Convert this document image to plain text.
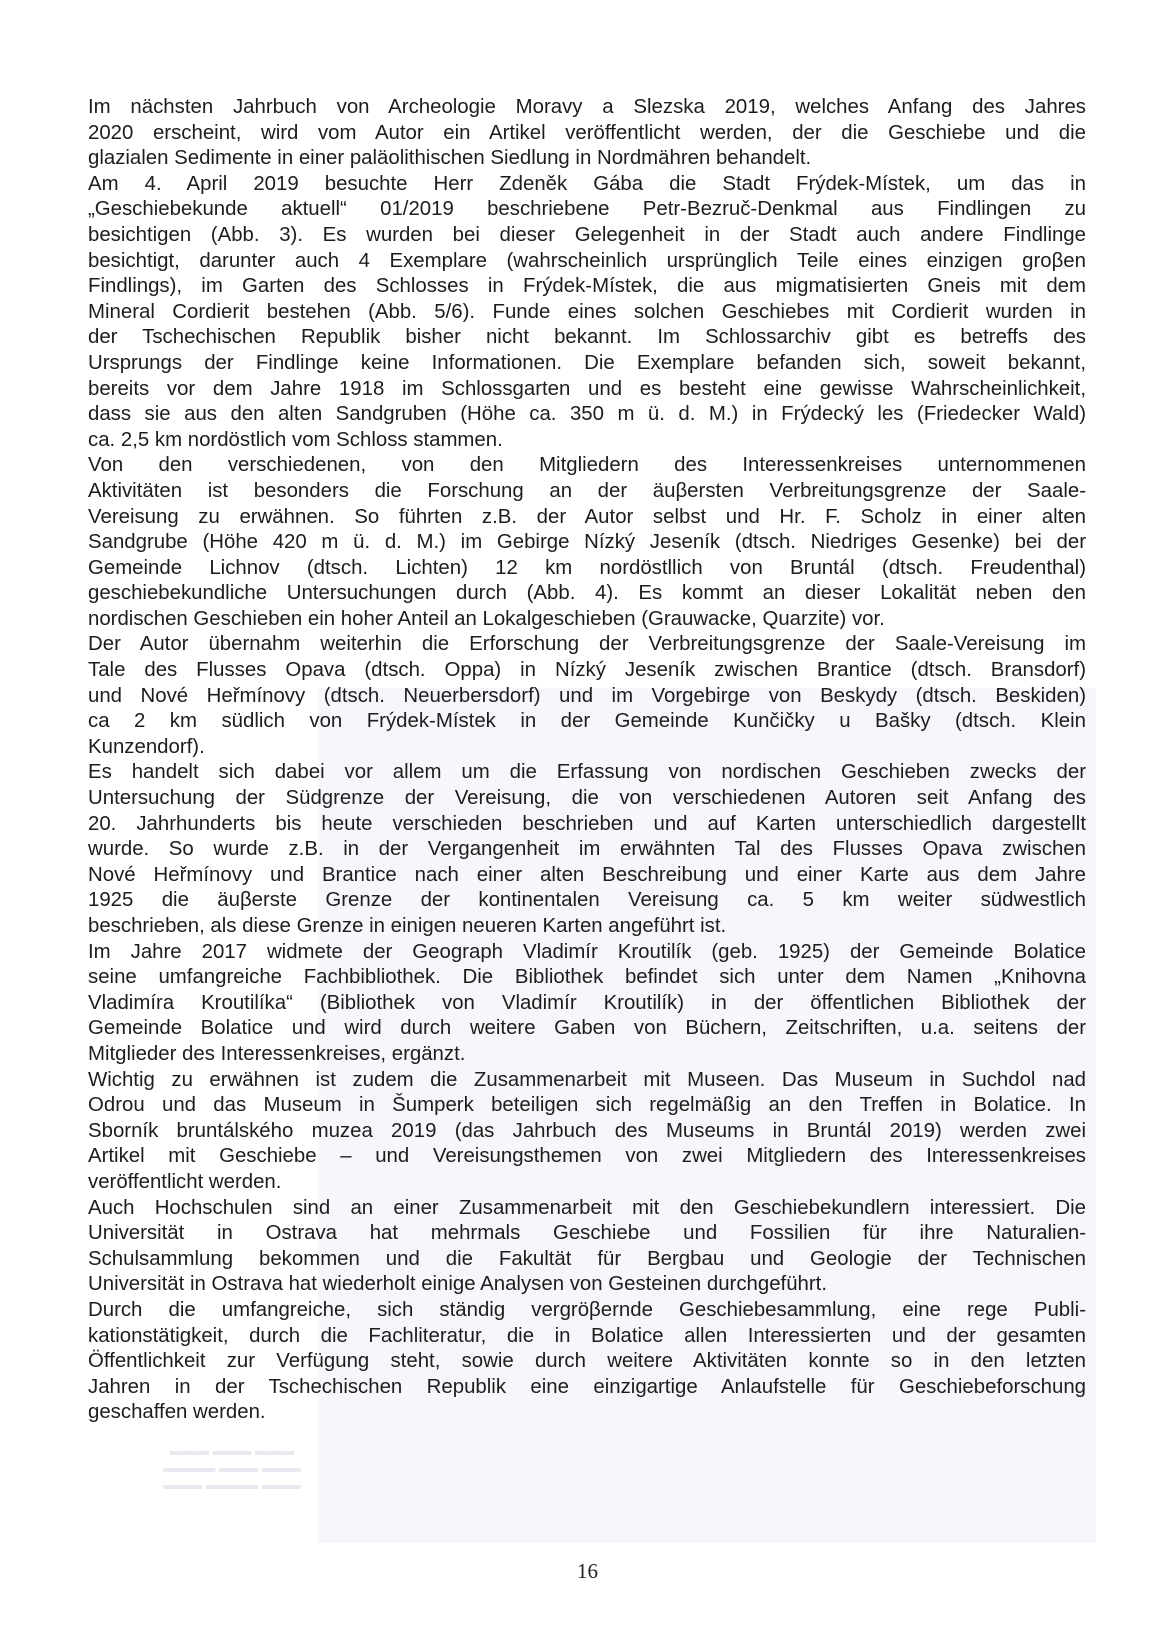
▬▬▬ ▬▬▬ ▬▬▬
▬▬▬▬ ▬▬▬ ▬▬▬
▬▬▬ ▬▬▬▬ ▬▬▬
Im nächsten Jahrbuch von Archeologie Moravy a Slezska 2019, welches Anfang des Jahres
2020 erscheint, wird vom Autor ein Artikel veröffentlicht werden, der die Geschiebe und die
glazialen Sedimente in einer paläolithischen Siedlung in Nordmähren behandelt.
Am 4. April 2019 besuchte Herr Zdeněk Gába die Stadt Frýdek-Místek, um das in
„Geschiebekunde aktuell“ 01/2019 beschriebene Petr-Bezruč-Denkmal aus Findlingen zu
besichtigen (Abb. 3). Es wurden bei dieser Gelegenheit in der Stadt auch andere Findlinge
besichtigt, darunter auch 4 Exemplare (wahrscheinlich ursprünglich Teile eines einzigen groβen
Findlings), im Garten des Schlosses in Frýdek-Místek, die aus migmatisierten Gneis mit dem
Mineral Cordierit bestehen (Abb. 5/6). Funde eines solchen Geschiebes mit Cordierit wurden in
der Tschechischen Republik bisher nicht bekannt. Im Schlossarchiv gibt es betreffs des
Ursprungs der Findlinge keine Informationen. Die Exemplare befanden sich, soweit bekannt,
bereits vor dem Jahre 1918 im Schlossgarten und es besteht eine gewisse Wahrscheinlichkeit,
dass sie aus den alten Sandgruben (Höhe ca. 350 m ü. d. M.) in Frýdecký les (Friedecker Wald)
ca. 2,5 km nordöstlich vom Schloss stammen.
Von den verschiedenen, von den Mitgliedern des Interessenkreises unternommenen
Aktivitäten ist besonders die Forschung an der äuβersten Verbreitungsgrenze der Saale-
Vereisung zu erwähnen. So führten z.B. der Autor selbst und Hr. F. Scholz in einer alten
Sandgrube (Höhe 420 m ü. d. M.) im Gebirge Nízký Jeseník (dtsch. Niedriges Gesenke) bei der
Gemeinde Lichnov (dtsch. Lichten) 12 km nordöstllich von Bruntál (dtsch. Freudenthal)
geschiebekundliche Untersuchungen durch (Abb. 4). Es kommt an dieser Lokalität neben den
nordischen Geschieben ein hoher Anteil an Lokalgeschieben (Grauwacke, Quarzite) vor.
Der Autor übernahm weiterhin die Erforschung der Verbreitungsgrenze der Saale-Vereisung im
Tale des Flusses Opava (dtsch. Oppa) in Nízký Jeseník zwischen Brantice (dtsch. Bransdorf)
und Nové Heřmínovy (dtsch. Neuerbersdorf) und im Vorgebirge von Beskydy (dtsch. Beskiden)
ca 2 km südlich von Frýdek-Místek in der Gemeinde Kunčičky u Bašky (dtsch. Klein
Kunzendorf).
Es handelt sich dabei vor allem um die Erfassung von nordischen Geschieben zwecks der
Untersuchung der Südgrenze der Vereisung, die von verschiedenen Autoren seit Anfang des
20. Jahrhunderts bis heute verschieden beschrieben und auf Karten unterschiedlich dargestellt
wurde. So wurde z.B. in der Vergangenheit im erwähnten Tal des Flusses Opava zwischen
Nové Heřmínovy und Brantice nach einer alten Beschreibung und einer Karte aus dem Jahre
1925 die äuβerste Grenze der kontinentalen Vereisung ca. 5 km weiter südwestlich
beschrieben, als diese Grenze in einigen neueren Karten angeführt ist.
Im Jahre 2017 widmete der Geograph Vladimír Kroutilík (geb. 1925) der Gemeinde Bolatice
seine umfangreiche Fachbibliothek. Die Bibliothek befindet sich unter dem Namen „Knihovna
Vladimíra Kroutilíka“ (Bibliothek von Vladimír Kroutilík) in der öffentlichen Bibliothek der
Gemeinde Bolatice und wird durch weitere Gaben von Büchern, Zeitschriften, u.a. seitens der
Mitglieder des Interessenkreises, ergänzt.
Wichtig zu erwähnen ist zudem die Zusammenarbeit mit Museen. Das Museum in Suchdol nad
Odrou und das Museum in Šumperk beteiligen sich regelmäßig an den Treffen in Bolatice. In
Sborník bruntálského muzea 2019 (das Jahrbuch des Museums in Bruntál 2019) werden zwei
Artikel mit Geschiebe – und Vereisungsthemen von zwei Mitgliedern des Interessenkreises
veröffentlicht werden.
Auch Hochschulen sind an einer Zusammenarbeit mit den Geschiebekundlern interessiert. Die
Universität in Ostrava hat mehrmals Geschiebe und Fossilien für ihre Naturalien-
Schulsammlung bekommen und die Fakultät für Bergbau und Geologie der Technischen
Universität in Ostrava hat wiederholt einige Analysen von Gesteinen durchgeführt.
Durch die umfangreiche, sich ständig vergröβernde Geschiebesammlung, eine rege Publi-
kationstätigkeit, durch die Fachliteratur, die in Bolatice allen Interessierten und der gesamten
Öffentlichkeit zur Verfügung steht, sowie durch weitere Aktivitäten konnte so in den letzten
Jahren in der Tschechischen Republik eine einzigartige Anlaufstelle für Geschiebeforschung
geschaffen werden.
16
